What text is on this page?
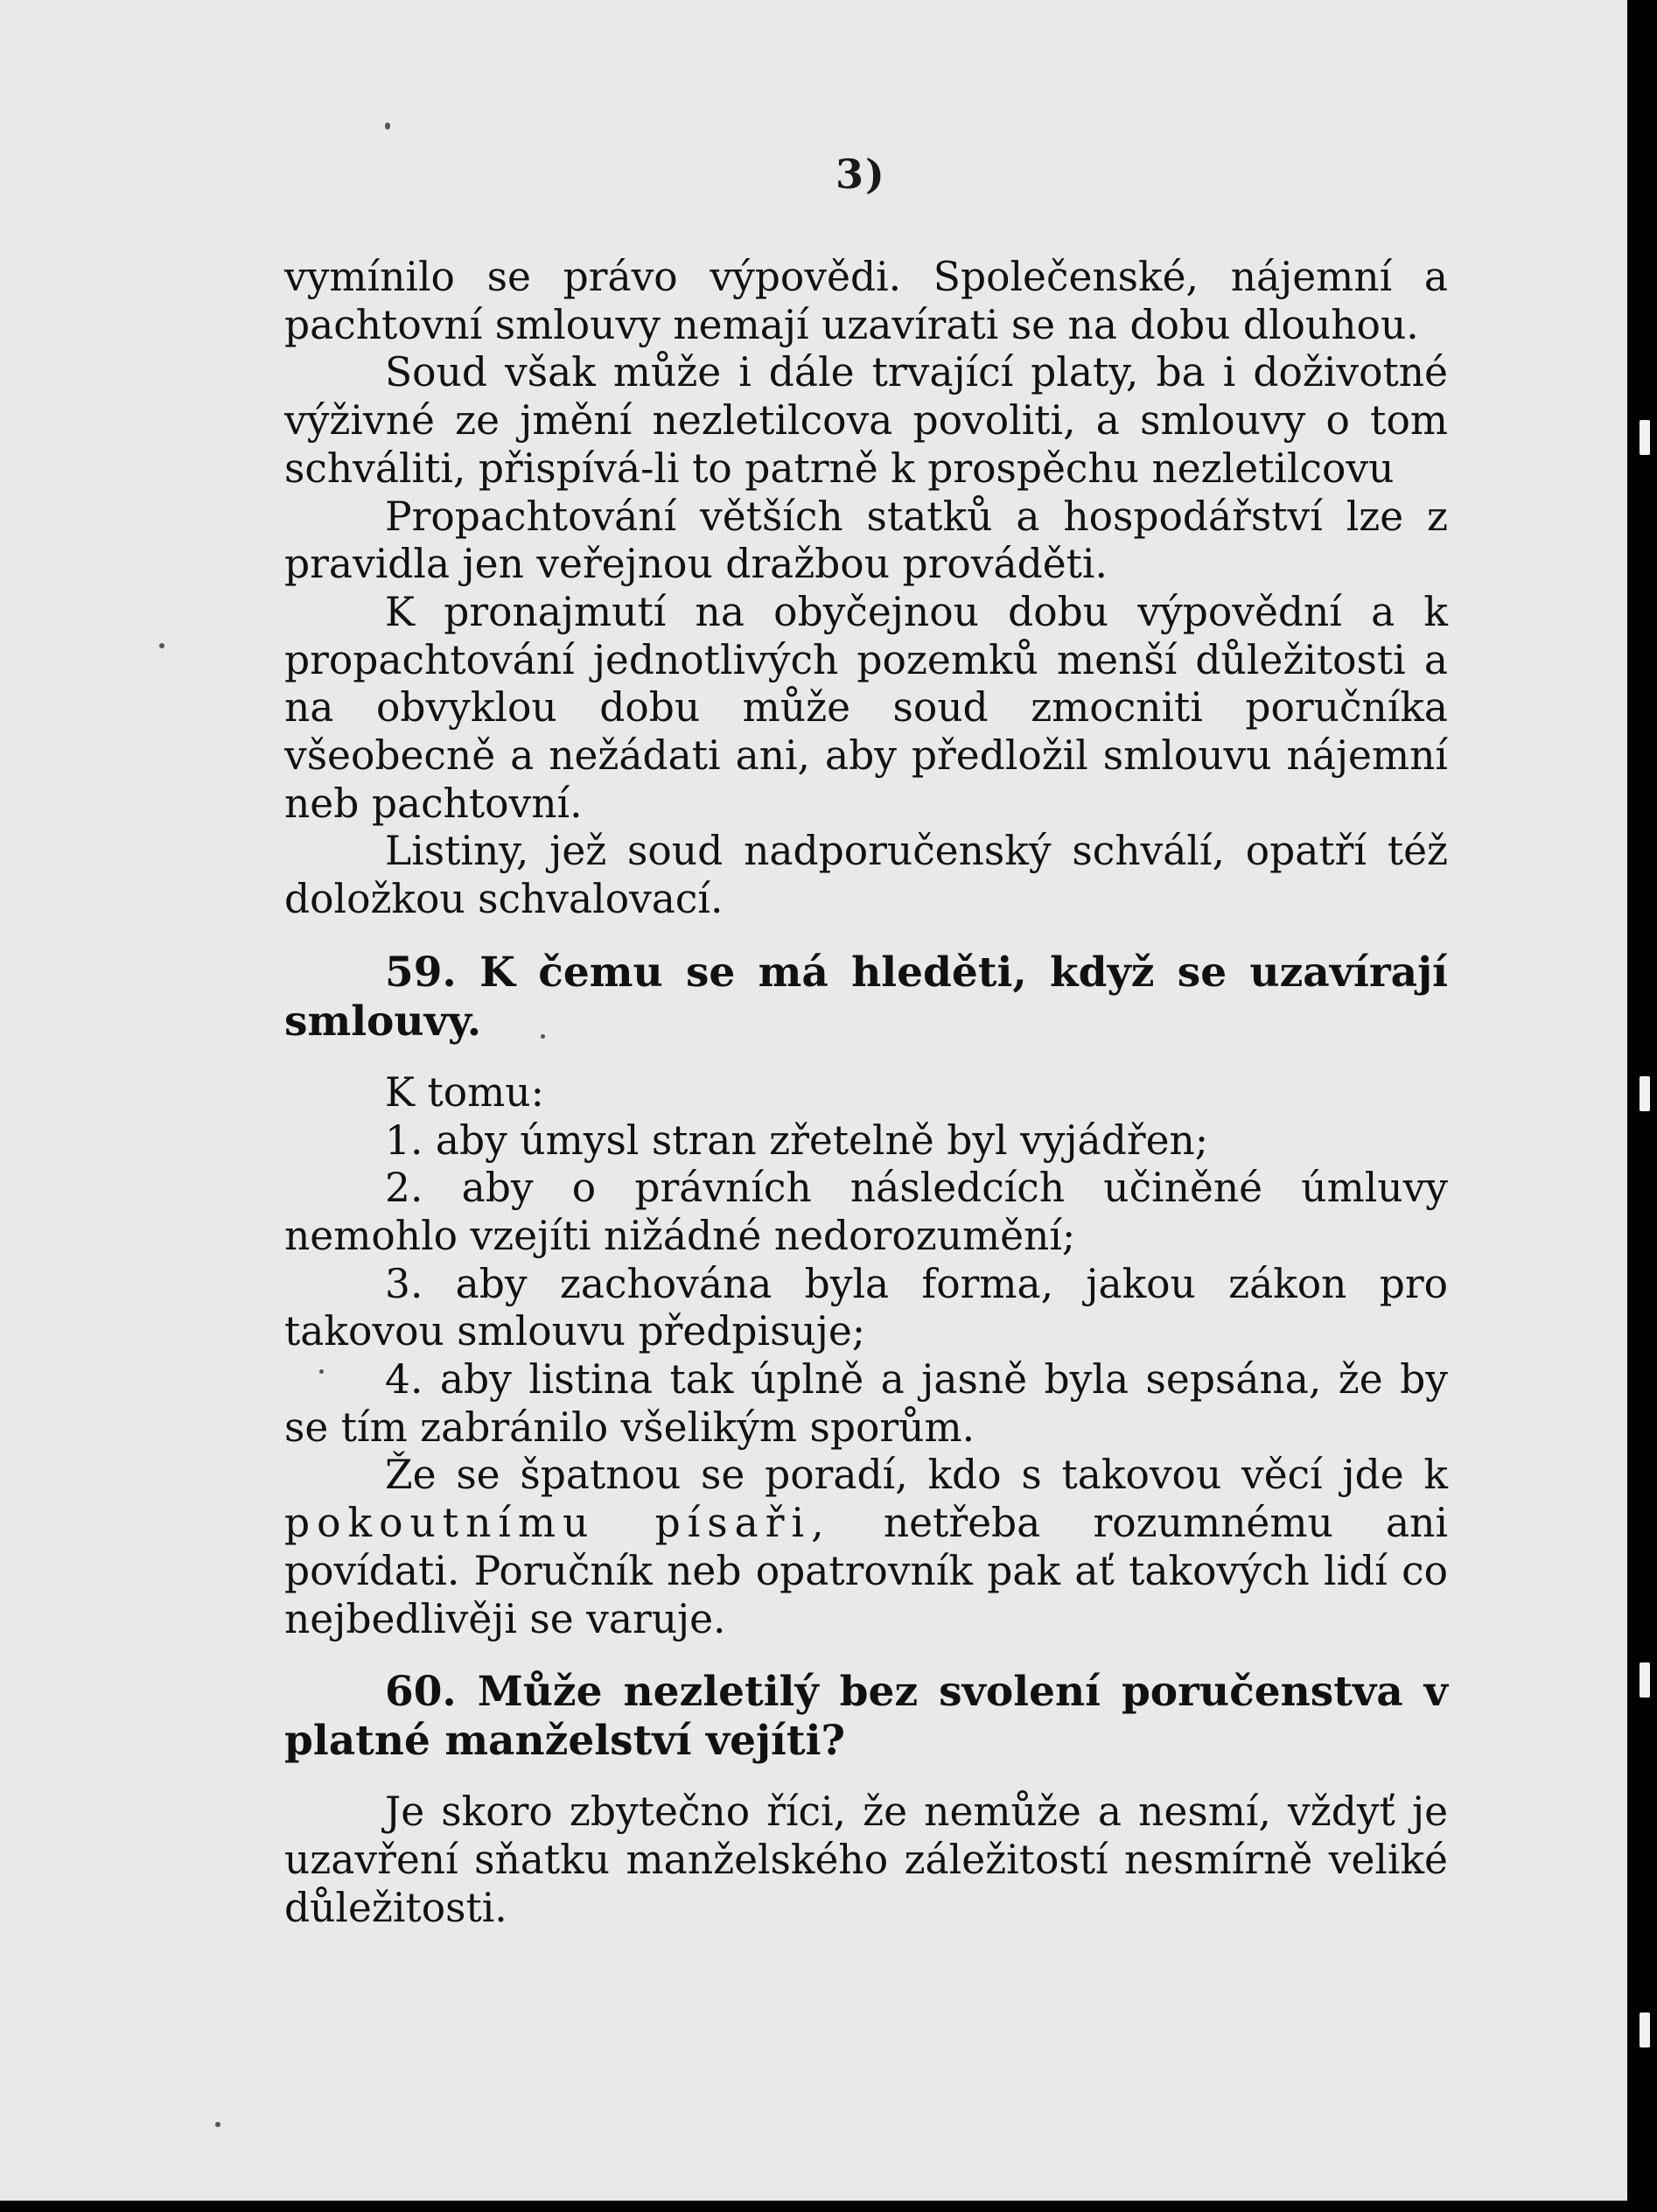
3)

vymínilo se právo výpovědi. Společenské, nájemní a pachtovní smlouvy nemají uzavírati se na dobu dlouhou.

Soud však může i dále trvající platy, ba i doživotné výživné ze jmění nezletilcova povoliti, a smlouvy o tom schváliti, přispívá-li to patrně k prospěchu nezletilcovu

Propachtování větších statků a hospodářství lze z pravidla jen veřejnou dražbou prováděti.

K pronajmutí na obyčejnou dobu výpovědní a k propachtování jednotlivých pozemků menší důležitosti a na obvyklou dobu může soud zmocniti poručníka všeobecně a nežádati ani, aby předložil smlouvu nájemní neb pachtovní.

Listiny, jež soud nadporučenský schválí, opatří též doložkou schvalovací.

59. K čemu se má hleděti, když se uzavírají smlouvy.

K tomu:

1. aby úmysl stran zřetelně byl vyjádřen;

2. aby o právních následcích učiněné úmluvy nemohlo vzejíti nižádné nedorozumění;

3. aby zachována byla forma, jakou zákon pro takovou smlouvu předpisuje;

4. aby listina tak úplně a jasně byla sepsána, že by se tím zabránilo všelikým sporům.

Že se špatnou se poradí, kdo s takovou věcí jde k pokoutnímu písaři, netřeba rozumnému ani povídati. Poručník neb opatrovník pak ať takových lidí co nejbedlivěji se varuje.

60. Může nezletilý bez svolení poručenstva v platné manželství vejíti?

Je skoro zbytečno říci, že nemůže a nesmí, vždyť je uzavření sňatku manželského záležitostí nesmírně veliké důležitosti.
